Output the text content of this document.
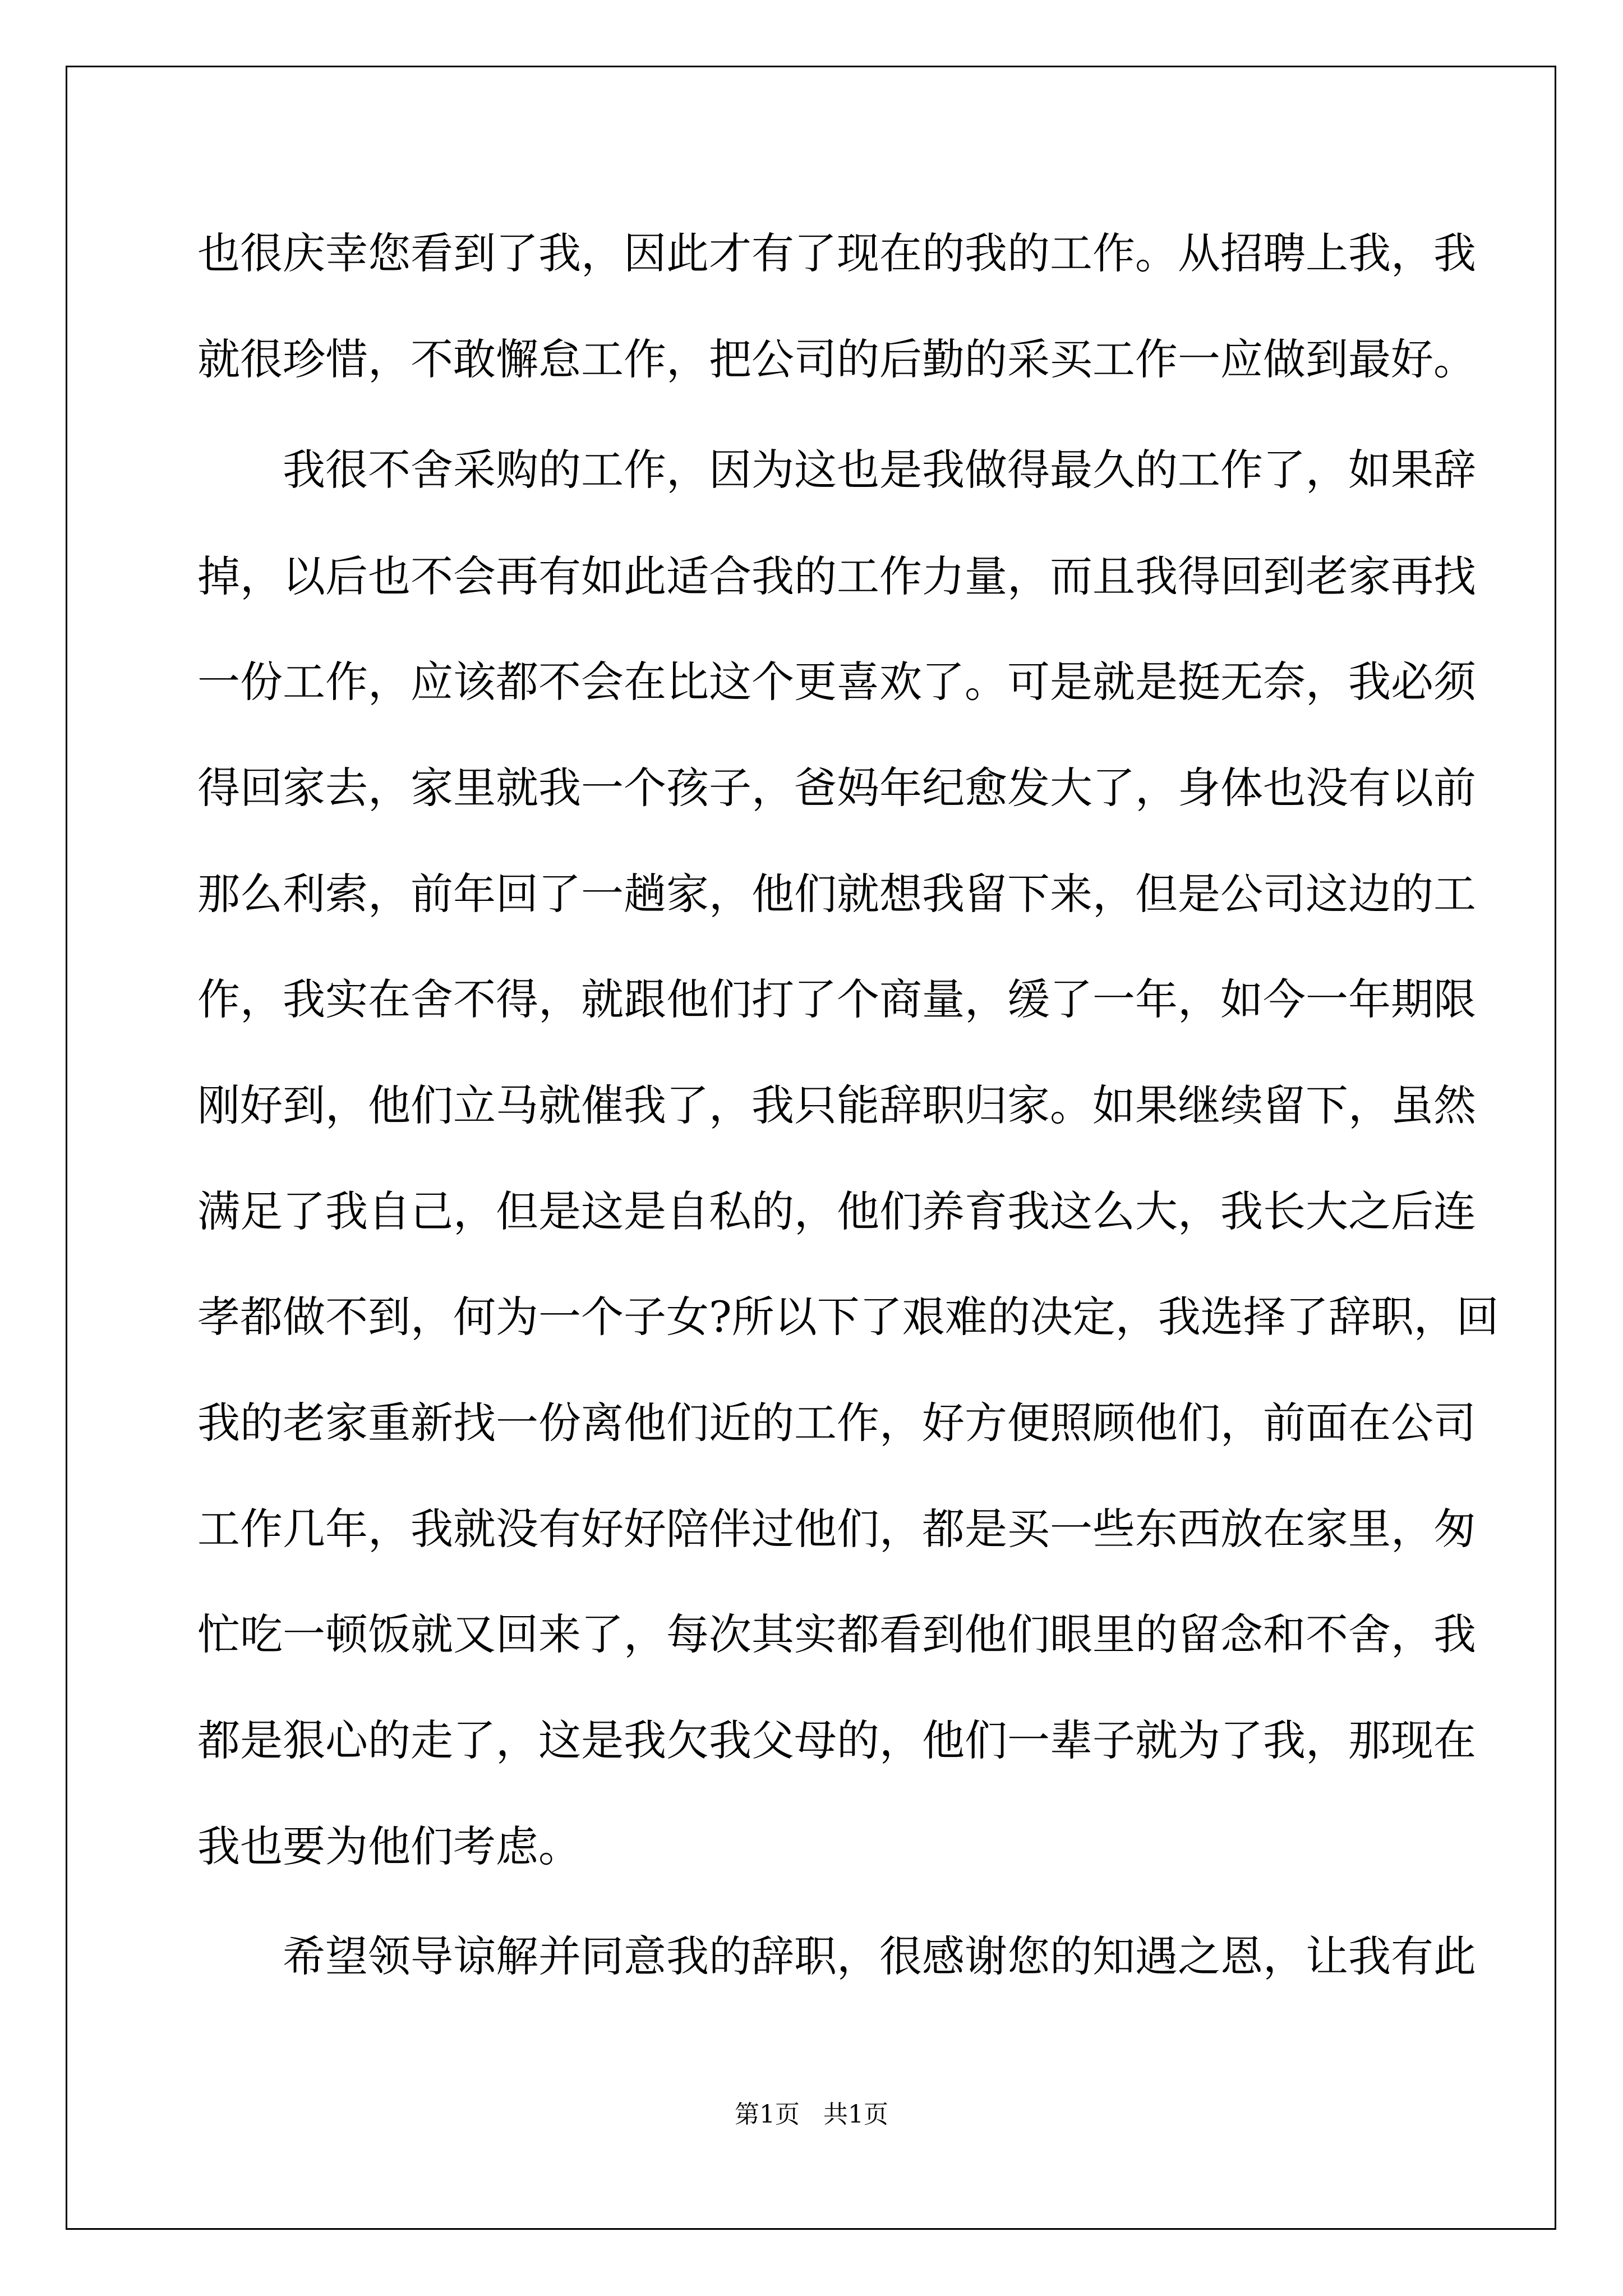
也很庆幸您看到了我，因此才有了现在的我的工作。从招聘上我，我
就很珍惜，不敢懈怠工作，把公司的后勤的采买工作一应做到最好。
我很不舍采购的工作，因为这也是我做得最久的工作了，如果辞
掉，以后也不会再有如此适合我的工作力量，而且我得回到老家再找
一份工作，应该都不会在比这个更喜欢了。可是就是挺无奈，我必须
得回家去，家里就我一个孩子，爸妈年纪愈发大了，身体也没有以前
那么利索，前年回了一趟家，他们就想我留下来，但是公司这边的工
作，我实在舍不得，就跟他们打了个商量，缓了一年，如今一年期限
刚好到，他们立马就催我了，我只能辞职归家。如果继续留下，虽然
满足了我自己，但是这是自私的，他们养育我这么大，我长大之后连
孝都做不到，何为一个子女?所以下了艰难的决定，我选择了辞职，回
我的老家重新找一份离他们近的工作，好方便照顾他们，前面在公司
工作几年，我就没有好好陪伴过他们，都是买一些东西放在家里，匆
忙吃一顿饭就又回来了，每次其实都看到他们眼里的留念和不舍，我
都是狠心的走了，这是我欠我父母的，他们一辈子就为了我，那现在
我也要为他们考虑。
希望领导谅解并同意我的辞职，很感谢您的知遇之恩，让我有此
第1页   共1页
